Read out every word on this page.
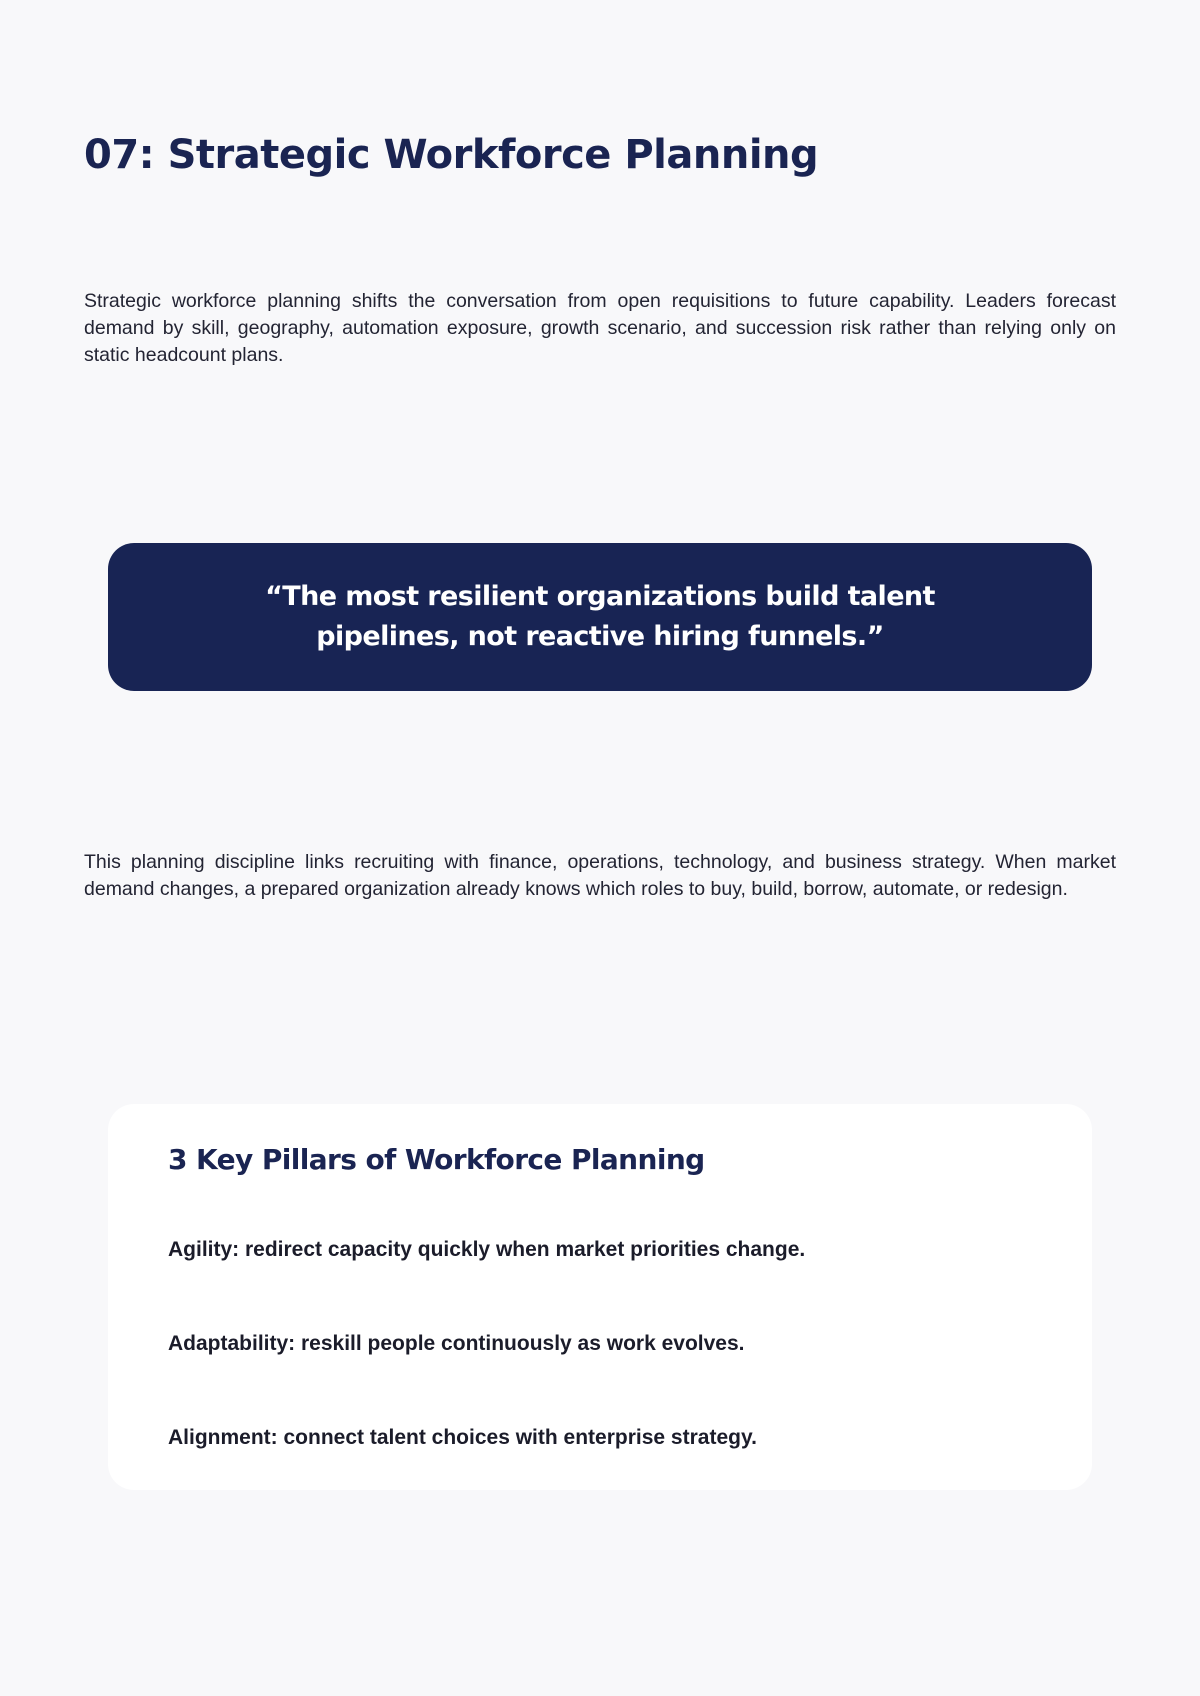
07: Strategic Workforce Planning

Strategic workforce planning shifts the conversation from open requisitions to future capability. Leaders forecast demand by skill, geography, automation exposure, growth scenario, and succession risk rather than relying only on static headcount plans.

“The most resilient organizations build talent pipelines, not reactive hiring funnels.”

This planning discipline links recruiting with finance, operations, technology, and business strategy. When market demand changes, a prepared organization already knows which roles to buy, build, borrow, automate, or redesign.

3 Key Pillars of Workforce Planning
Agility: redirect capacity quickly when market priorities change.
Adaptability: reskill people continuously as work evolves.
Alignment: connect talent choices with enterprise strategy.
